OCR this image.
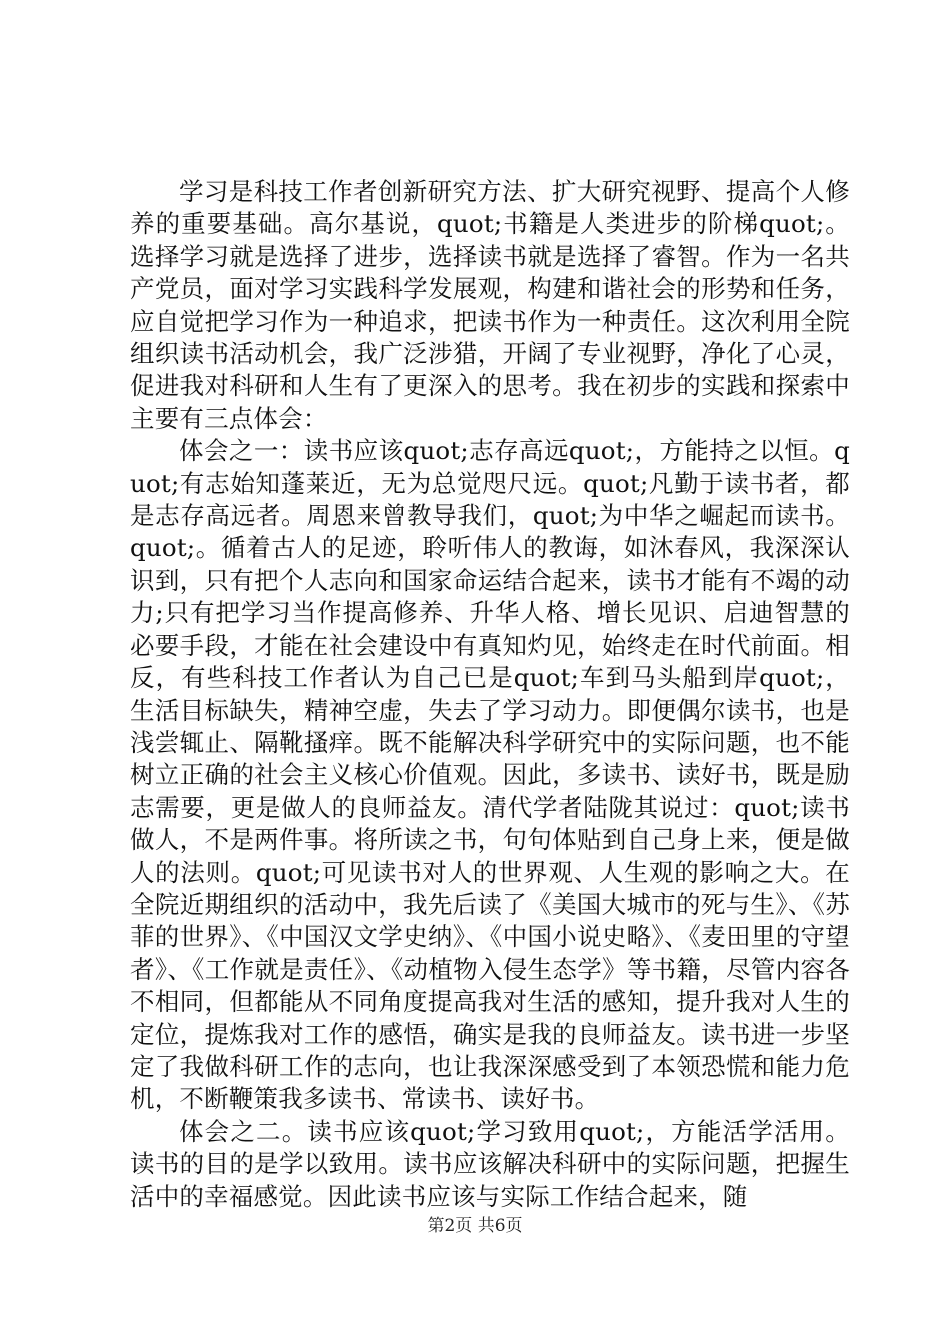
学习是科技工作者创新研究方法、扩大研究视野、提高个人修养的重要基础。高尔基说，quot;书籍是人类进步的阶梯quot;。选择学习就是选择了进步，选择读书就是选择了睿智。作为一名共产党员，面对学习实践科学发展观，构建和谐社会的形势和任务，应自觉把学习作为一种追求，把读书作为一种责任。这次利用全院组织读书活动机会，我广泛涉猎，开阔了专业视野，净化了心灵，促进我对科研和人生有了更深入的思考。我在初步的实践和探索中主要有三点体会：

体会之一：读书应该quot;志存高远quot;，方能持之以恒。quot;有志始知蓬莱近，无为总觉咫尺远。quot;凡勤于读书者，都是志存高远者。周恩来曾教导我们，quot;为中华之崛起而读书。quot;。循着古人的足迹，聆听伟人的教诲，如沐春风，我深深认识到，只有把个人志向和国家命运结合起来，读书才能有不竭的动力;只有把学习当作提高修养、升华人格、增长见识、启迪智慧的必要手段，才能在社会建设中有真知灼见，始终走在时代前面。相反，有些科技工作者认为自己已是quot;车到马头船到岸quot;，生活目标缺失，精神空虚，失去了学习动力。即便偶尔读书，也是浅尝辄止、隔靴搔痒。既不能解决科学研究中的实际问题，也不能树立正确的社会主义核心价值观。因此，多读书、读好书，既是励志需要，更是做人的良师益友。清代学者陆陇其说过：quot;读书做人，不是两件事。将所读之书，句句体贴到自己身上来，便是做人的法则。quot;可见读书对人的世界观、人生观的影响之大。在全院近期组织的活动中，我先后读了《美国大城市的死与生》、《苏菲的世界》、《中国汉文学史纳》、《中国小说史略》、《麦田里的守望者》、《工作就是责任》、《动植物入侵生态学》等书籍，尽管内容各不相同，但都能从不同角度提高我对生活的感知，提升我对人生的定位，提炼我对工作的感悟，确实是我的良师益友。读书进一步坚定了我做科研工作的志向，也让我深深感受到了本领恐慌和能力危机，不断鞭策我多读书、常读书、读好书。

体会之二。读书应该quot;学习致用quot;，方能活学活用。读书的目的是学以致用。读书应该解决科研中的实际问题，把握生活中的幸福感觉。因此读书应该与实际工作结合起来，随

第2页 共6页
